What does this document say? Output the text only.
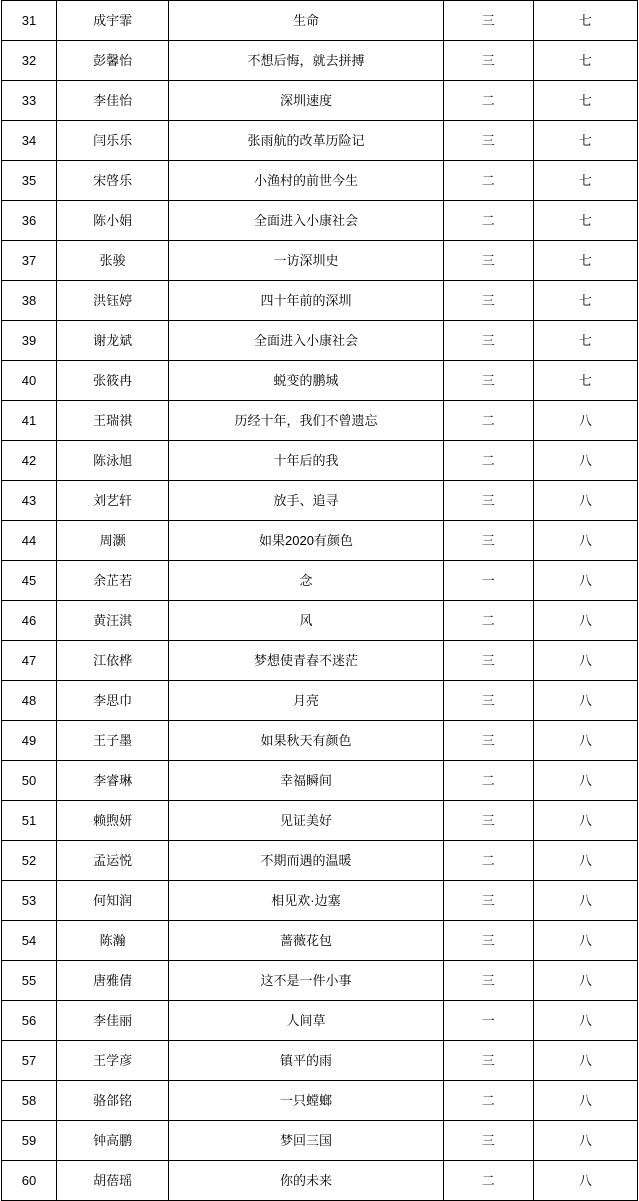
31	成宇霏	生命	三	七
32	彭馨怡	不想后悔，就去拼搏	三	七
33	李佳怡	深圳速度	二	七
34	闫乐乐	张雨航的改革历险记	三	七
35	宋啓乐	小渔村的前世今生	二	七
36	陈小娟	全面进入小康社会	二	七
37	张骏	一访深圳史	三	七
38	洪钰婷	四十年前的深圳	三	七
39	谢龙斌	全面进入小康社会	三	七
40	张筱冉	蜕变的鹏城	三	七
41	王瑞祺	历经十年，我们不曾遗忘	二	八
42	陈泳旭	十年后的我	二	八
43	刘艺轩	放手、追寻	三	八
44	周灏	如果2020有颜色	三	八
45	余芷若	念	一	八
46	黄汪淇	风	二	八
47	江依桦	梦想使青春不迷茫	三	八
48	李思巾	月亮	三	八
49	王子墨	如果秋天有颜色	三	八
50	李睿琳	幸福瞬间	二	八
51	赖煦妍	见证美好	三	八
52	孟运悦	不期而遇的温暖	二	八
53	何知润	相见欢·边塞	三	八
54	陈瀚	蔷薇花包	三	八
55	唐雅倩	这不是一件小事	三	八
56	李佳丽	人间草	一	八
57	王学彦	镇平的雨	三	八
58	骆郃铭	一只螳螂	二	八
59	钟高鹏	梦回三国	三	八
60	胡蓓瑶	你的未来	二	八
